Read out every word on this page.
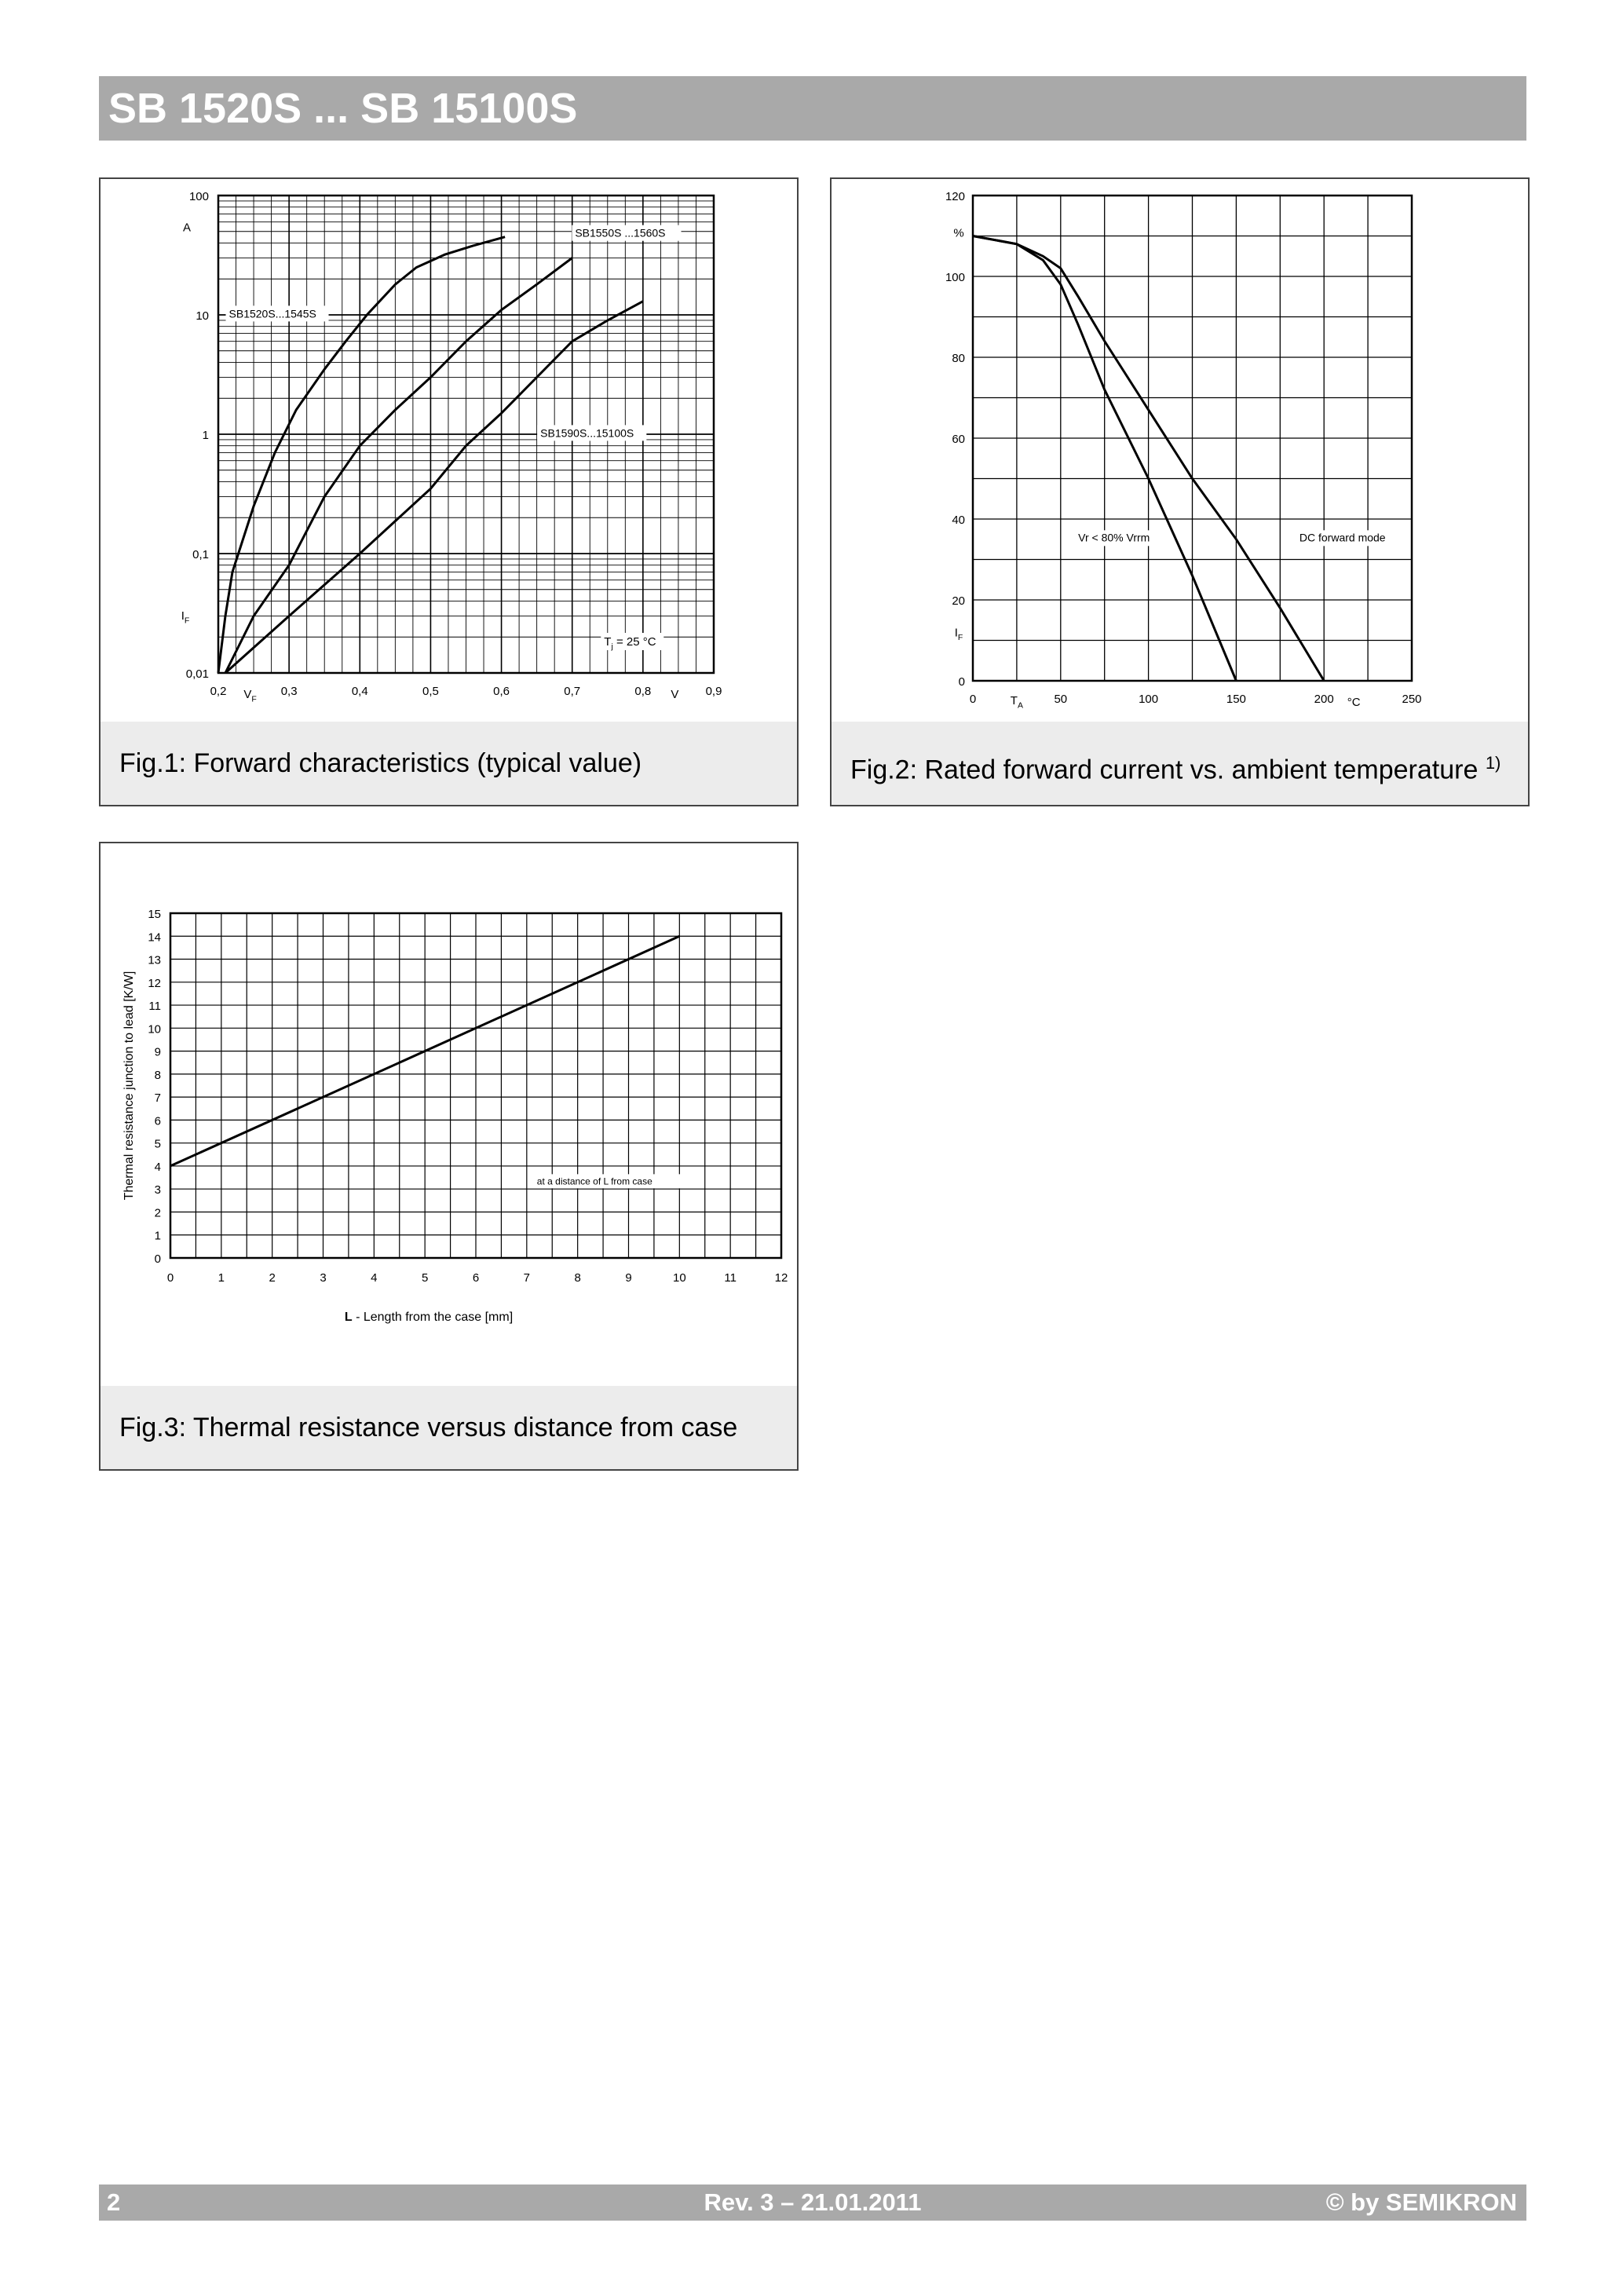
SB 1520S ... SB 15100S
0,01
0,1
1
10
100
0,2	0,3	0,4	0,5	0,6	0,7	0,8	0,9
$V_F$	V
A
$I_F$
SB1520S...1545S
SB1550S ...1560S
SB1590S...15100S
$T_j = 25$ °C
Fig.1: Forward characteristics (typical value)
0
20
40
60
80
100
120
0	50	100	150	200	250
%
$I_F$
$T_A$	°C
Vr < 80% Vrrm	DC forward mode
Fig.2: Rated forward current vs. ambient temperature $^{1)}$
0
1
2
3
4
5
6
7
8
9
10
11
12
13
14
15
0	1	2	3	4	5	6	7	8	9	10	11	12
L - Length from the case [mm]
Thermal resistance junction to lead [K/W]	at a distance of L from case
Fig.3: Thermal resistance versus distance from case
2	Rev. 3 – 21.01.2011	© by SEMIKRON
